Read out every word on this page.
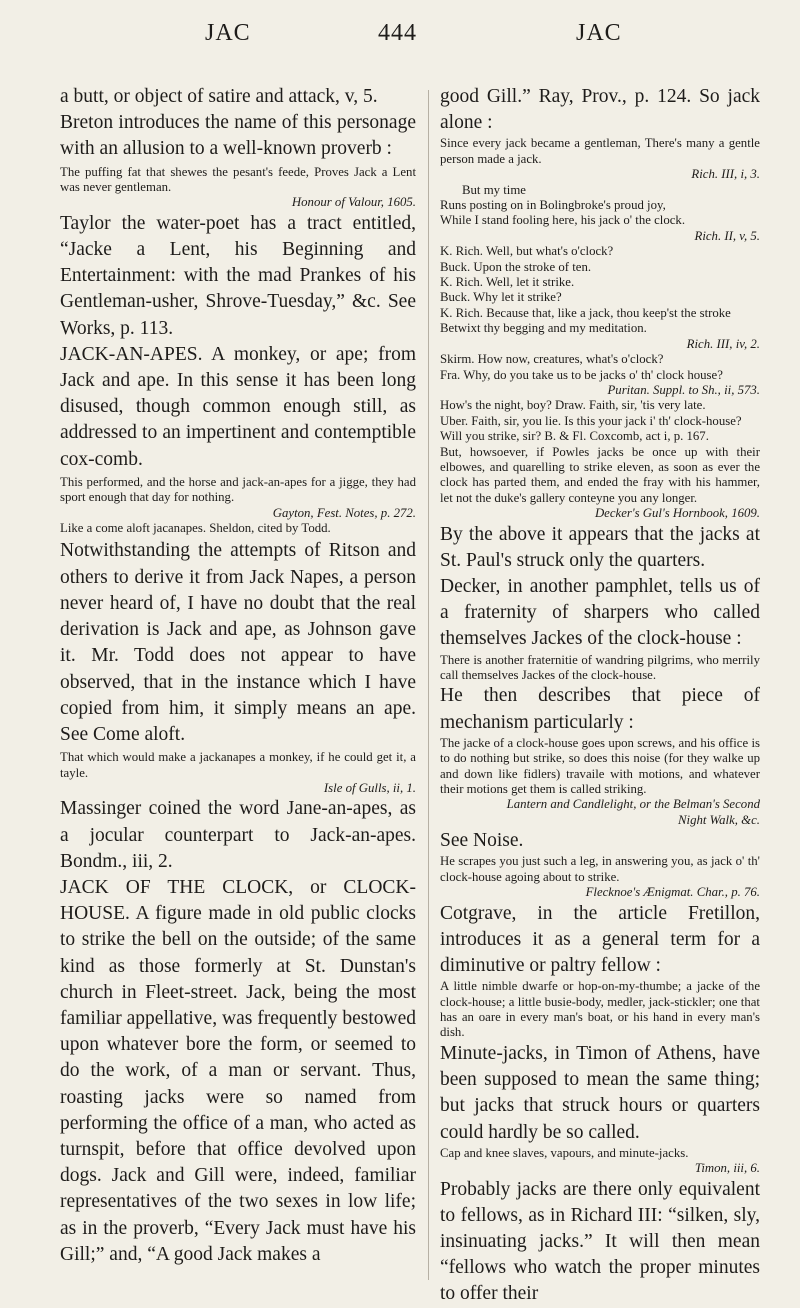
JAC	444	JAC

a butt, or object of satire and attack, v, 5.

Breton introduces the name of this personage with an allusion to a well-known proverb :

The puffing fat that shewes the pesant's feede, Proves Jack a Lent was never gentleman.

Honour of Valour, 1605.

Taylor the water-poet has a tract entitled, “Jacke a Lent, his Beginning and Entertainment: with the mad Prankes of his Gentleman-usher, Shrove-Tuesday,” &c. See Works, p. 113.

JACK-AN-APES. A monkey, or ape; from Jack and ape. In this sense it has been long disused, though common enough still, as addressed to an impertinent and contemptible cox-comb.

This performed, and the horse and jack-an-apes for a jigge, they had sport enough that day for nothing.

Gayton, Fest. Notes, p. 272.

Like a come aloft jacanapes. Sheldon, cited by Todd.

Notwithstanding the attempts of Ritson and others to derive it from Jack Napes, a person never heard of, I have no doubt that the real derivation is Jack and ape, as Johnson gave it. Mr. Todd does not appear to have observed, that in the instance which I have copied from him, it simply means an ape. See Come aloft.

That which would make a jackanapes a monkey, if he could get it, a tayle.

Isle of Gulls, ii, 1.

Massinger coined the word Jane-an-apes, as a jocular counterpart to Jack-an-apes. Bondm., iii, 2.

JACK OF THE CLOCK, or CLOCK-HOUSE. A figure made in old public clocks to strike the bell on the outside; of the same kind as those formerly at St. Dunstan's church in Fleet-street. Jack, being the most familiar appellative, was frequently bestowed upon whatever bore the form, or seemed to do the work, of a man or servant. Thus, roasting jacks were so named from performing the office of a man, who acted as turnspit, before that office devolved upon dogs. Jack and Gill were, indeed, familiar representatives of the two sexes in low life; as in the proverb, “Every Jack must have his Gill;” and, “A good Jack makes a

good Gill.” Ray, Prov., p. 124. So jack alone :

Since every jack became a gentleman, There's many a gentle person made a jack.

Rich. III, i, 3.

But my time

Runs posting on in Bolingbroke's proud joy,

While I stand fooling here, his jack o' the clock.

Rich. II, v, 5.

K. Rich. Well, but what's o'clock?

Buck. Upon the stroke of ten.

K. Rich. Well, let it strike.

Buck. Why let it strike?

K. Rich. Because that, like a jack, thou keep'st the stroke

Betwixt thy begging and my meditation.

Rich. III, iv, 2.

Skirm. How now, creatures, what's o'clock?

Fra. Why, do you take us to be jacks o' th' clock house?

Puritan. Suppl. to Sh., ii, 573.

How's the night, boy? Draw. Faith, sir, 'tis very late.

Uber. Faith, sir, you lie. Is this your jack i' th' clock-house?

Will you strike, sir? B. & Fl. Coxcomb, act i, p. 167.

But, howsoever, if Powles jacks be once up with their elbowes, and quarelling to strike eleven, as soon as ever the clock has parted them, and ended the fray with his hammer, let not the duke's gallery conteyne you any longer.

Decker's Gul's Hornbook, 1609.

By the above it appears that the jacks at St. Paul's struck only the quarters.

Decker, in another pamphlet, tells us of a fraternity of sharpers who called themselves Jackes of the clock-house :

There is another fraternitie of wandring pilgrims, who merrily call themselves Jackes of the clock-house.

He then describes that piece of mechanism particularly :

The jacke of a clock-house goes upon screws, and his office is to do nothing but strike, so does this noise (for they walke up and down like fidlers) travaile with motions, and whatever their motions get them is called striking.

Lantern and Candlelight, or the Belman's Second

Night Walk, &c.

See Noise.

He scrapes you just such a leg, in answering you, as jack o' th' clock-house agoing about to strike.

Flecknoe's Ænigmat. Char., p. 76.

Cotgrave, in the article Fretillon, introduces it as a general term for a diminutive or paltry fellow :

A little nimble dwarfe or hop-on-my-thumbe; a jacke of the clock-house; a little busie-body, medler, jack-stickler; one that has an oare in every man's boat, or his hand in every man's dish.

Minute-jacks, in Timon of Athens, have been supposed to mean the same thing; but jacks that struck hours or quarters could hardly be so called.

Cap and knee slaves, vapours, and minute-jacks.

Timon, iii, 6.

Probably jacks are there only equivalent to fellows, as in Richard III: “silken, sly, insinuating jacks.” It will then mean “fellows who watch the proper minutes to offer their
